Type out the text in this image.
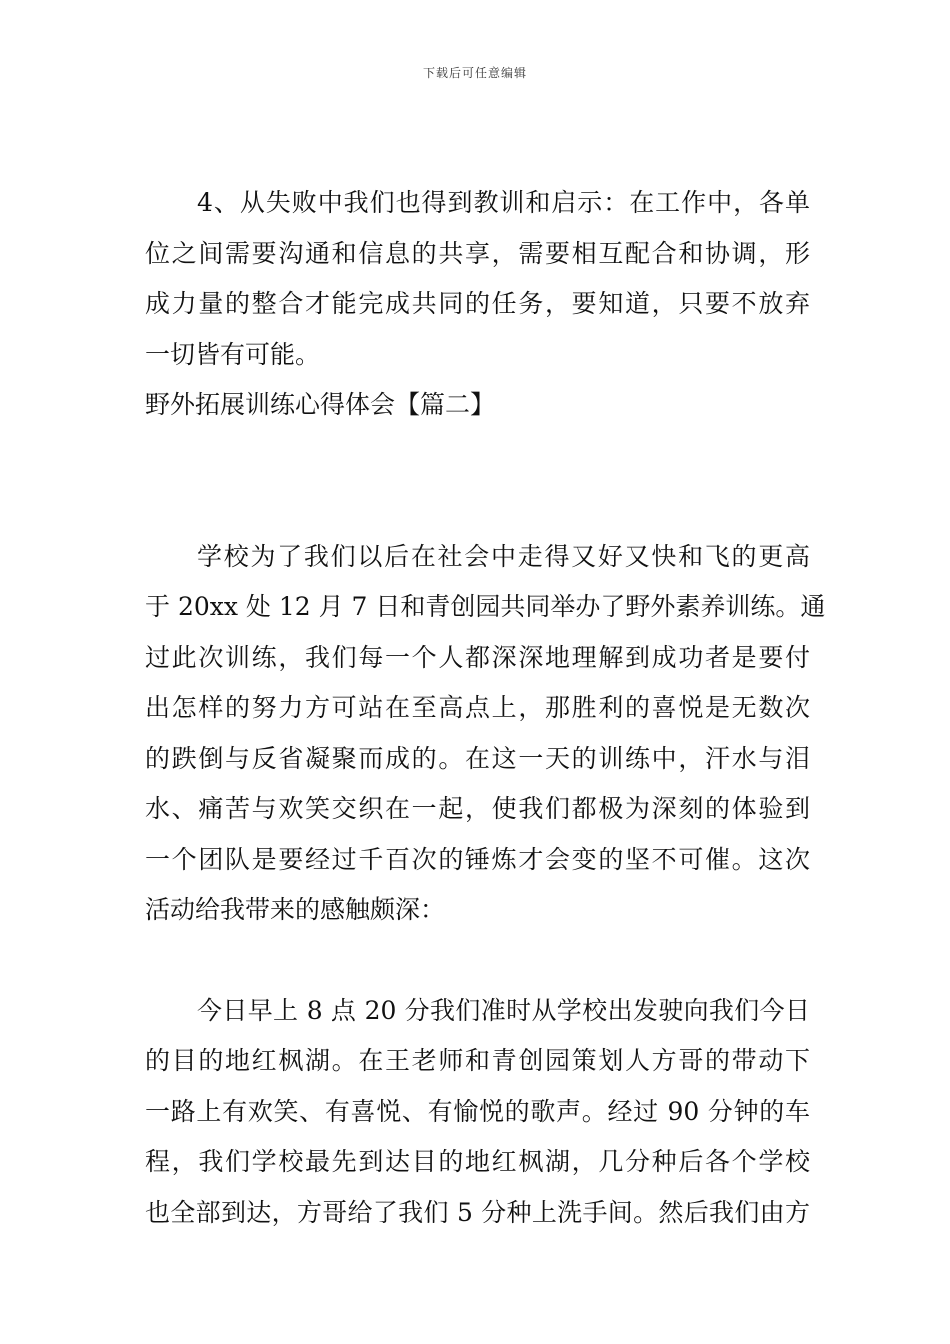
下载后可任意编辑
4、从失败中我们也得到教训和启示：在工作中，各单
位之间需要沟通和信息的共享，需要相互配合和协调，形
成力量的整合才能完成共同的任务，要知道，只要不放弃
一切皆有可能。
野外拓展训练心得体会【篇二】
学校为了我们以后在社会中走得又好又快和飞的更高
于 20xx 处 12 月 7 日和青创园共同举办了野外素养训练。通
过此次训练，我们每一个人都深深地理解到成功者是要付
出怎样的努力方可站在至高点上，那胜利的喜悦是无数次
的跌倒与反省凝聚而成的。在这一天的训练中，汗水与泪
水、痛苦与欢笑交织在一起，使我们都极为深刻的体验到
一个团队是要经过千百次的锤炼才会变的坚不可催。这次
活动给我带来的感触颇深：
今日早上 8 点 20 分我们准时从学校出发驶向我们今日
的目的地红枫湖。在王老师和青创园策划人方哥的带动下
一路上有欢笑、有喜悦、有愉悦的歌声。经过 90 分钟的车
程，我们学校最先到达目的地红枫湖，几分种后各个学校
也全部到达，方哥给了我们 5 分种上洗手间。然后我们由方
